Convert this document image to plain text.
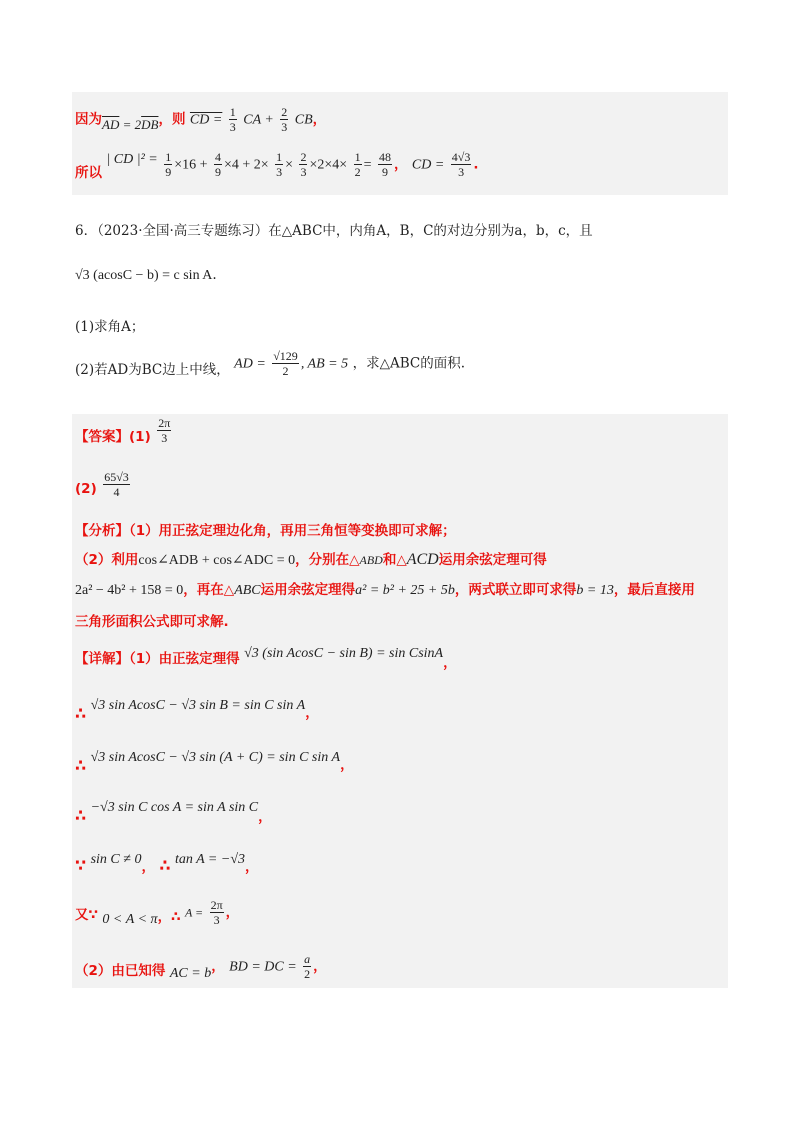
因为$\overline{AD} = 2\overline{DB}$，则 CD = $\frac{1}{3}$ CA + $\frac{2}{3}$ CB，
所以 | CD $|^2 = \frac{1}{9} \times 16 + \frac{4}{9} \times 4 + 2\times \frac{1}{3} \times \frac{2}{3} \times 2\times 4\times \frac{1}{2} = \frac{48}{9}$ ， CD = $\frac{4√3}{3}$ .
6．（2023·全国·高三专题练习）在△ABC中，内角A，B，C的对边分别为a，b，c，且
√3 (acosC − b) = c sin A.
(1)求角A；
(2)若AD为BC边上中线， AD = $\frac{√129}{2}$ , AB = 5 ，求△ABC的面积.
【答案】$(1) \frac{2\pi}{3}$
$(2) \frac{65√3}{4}$
【分析】（1）用正弦定理边化角，再用三角恒等变换即可求解；
（2）利用cos∠ADB + cos∠ADC = 0，分别在△ABD和△ACD运用余弦定理可得
2a² − 4b² + 158 = 0，再在△ABC运用余弦定理得a² = b² + 25 + 5b，两式联立即可求得b = 13，最后直接用
三角形面积公式即可求解.
【详解】（1）由正弦定理得 √3 (sin AcosC − sin B) = sin CsinA，
∴ √3 sin AcosC − √3 sin B = sin C sin A，
∴ √3 sin AcosC − √3 sin (A + C) = sin C sin A，
∴ −√3 sin C cos A = sin A sin C，
∵ sin C ≠ 0， ∴ tan A = −√3，
又∵ 0 < A < π，∴ $A = \frac{2\pi}{3}$ ，
（2）由已知得 AC = b， BD = DC = $\frac{a}{2}$ ，
